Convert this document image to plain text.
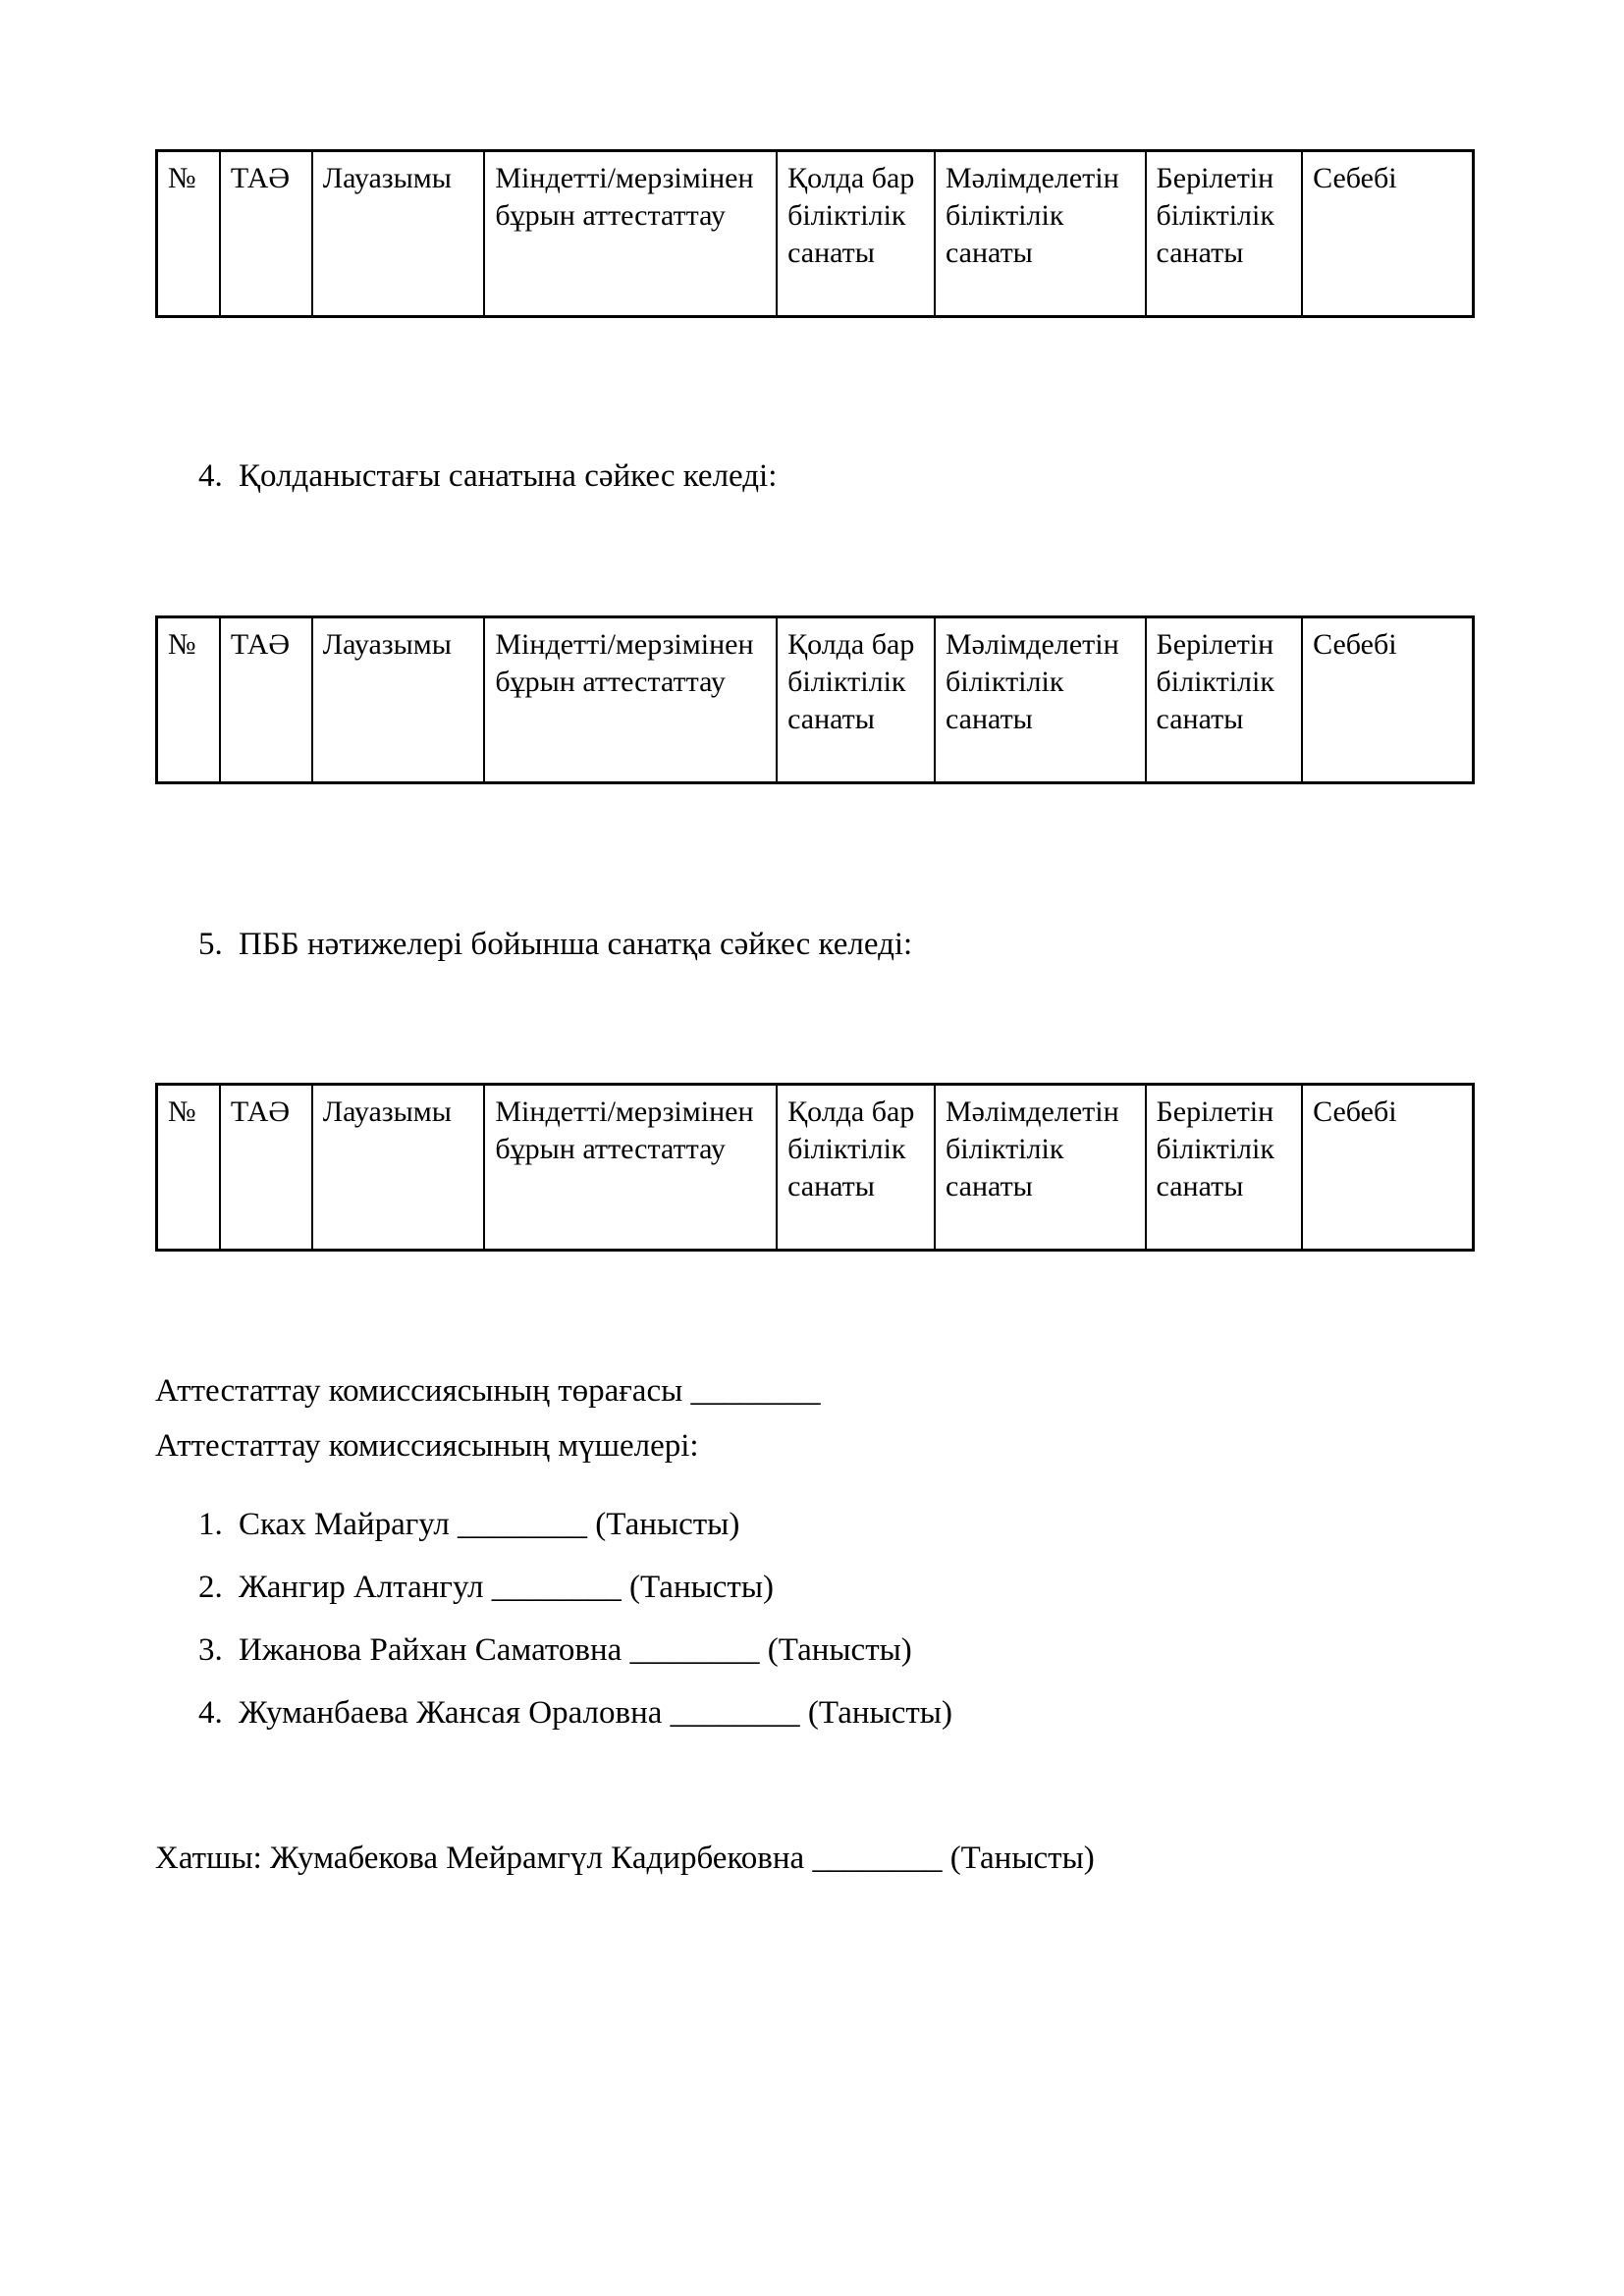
№	ТАӘ	Лауазымы	Міндетті/мерзімінен бұрын аттестаттау	Қолда бар біліктілік санаты	Мәлімделетін біліктілік санаты	Берілетін біліктілік санаты	Себебі
4. Қолданыстағы санатына сәйкес келеді:
№	ТАӘ	Лауазымы	Міндетті/мерзімінен бұрын аттестаттау	Қолда бар біліктілік санаты	Мәлімделетін біліктілік санаты	Берілетін біліктілік санаты	Себебі
5. ПББ нәтижелері бойынша санатқа сәйкес келеді:
№	ТАӘ	Лауазымы	Міндетті/мерзімінен бұрын аттестаттау	Қолда бар біліктілік санаты	Мәлімделетін біліктілік санаты	Берілетін біліктілік санаты	Себебі
Аттестаттау комиссиясының төрағасы ________
Аттестаттау комиссиясының мүшелері:
1. Сках Майрагул ________ (Танысты)
2. Жангир Алтангул ________ (Танысты)
3. Ижанова Райхан Саматовна ________ (Танысты)
4. Жуманбаева Жансая Ораловна ________ (Танысты)
Хатшы: Жумабекова Мейрамгүл Кадирбековна ________ (Танысты)
